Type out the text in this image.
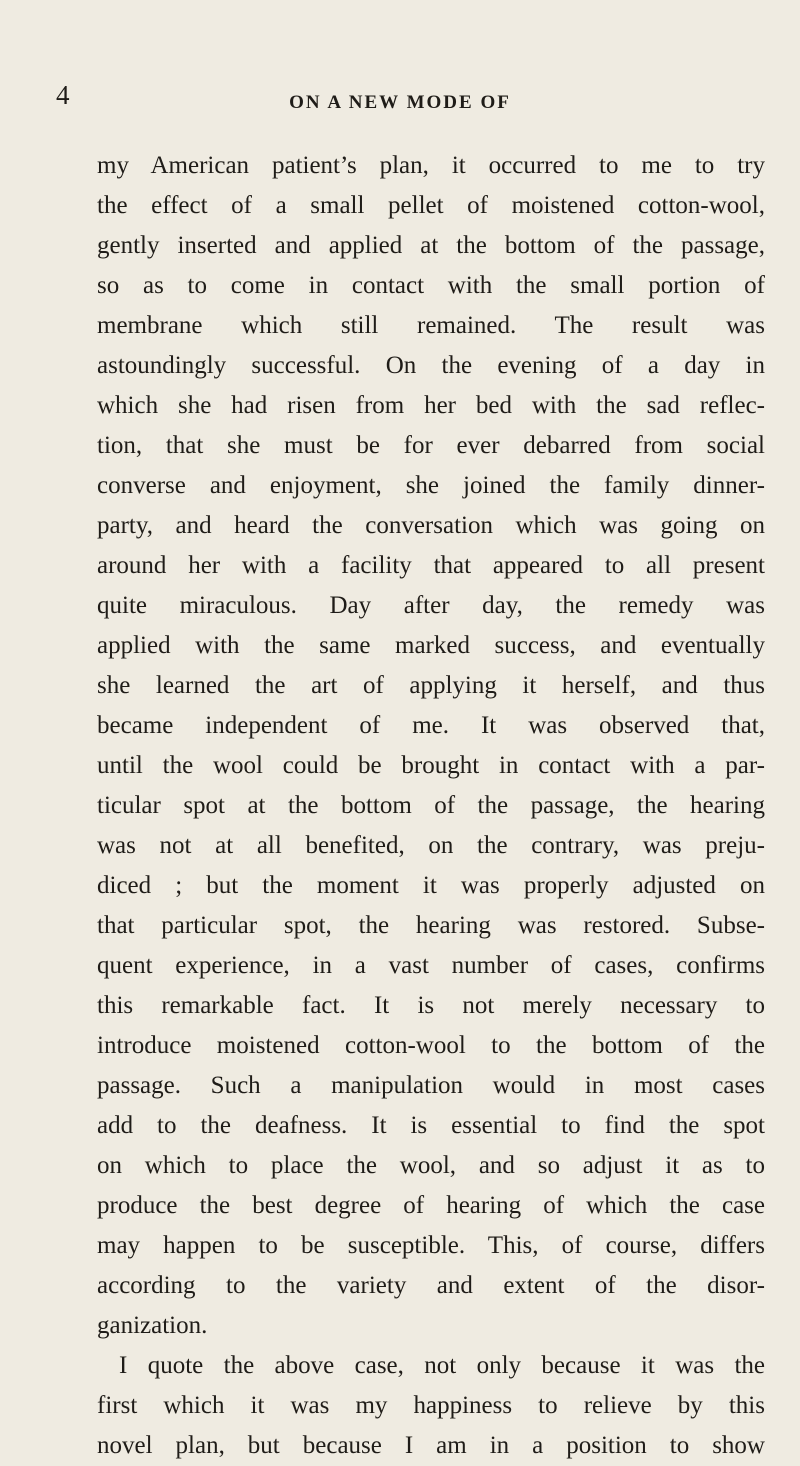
4	ON A NEW MODE OF
my American patient’s plan, it occurred to me to try
the effect of a small pellet of moistened cotton-wool,
gently inserted and applied at the bottom of the passage,
so as to come in contact with the small portion of
membrane which still remained. The result was
astoundingly successful. On the evening of a day in
which she had risen from her bed with the sad reflec-
tion, that she must be for ever debarred from social
converse and enjoyment, she joined the family dinner-
party, and heard the conversation which was going on
around her with a facility that appeared to all present
quite miraculous. Day after day, the remedy was
applied with the same marked success, and eventually
she learned the art of applying it herself, and thus
became independent of me. It was observed that,
until the wool could be brought in contact with a par-
ticular spot at the bottom of the passage, the hearing
was not at all benefited, on the contrary, was preju-
diced ; but the moment it was properly adjusted on
that particular spot, the hearing was restored. Subse-
quent experience, in a vast number of cases, confirms
this remarkable fact. It is not merely necessary to
introduce moistened cotton-wool to the bottom of the
passage. Such a manipulation would in most cases
add to the deafness. It is essential to find the spot
on which to place the wool, and so adjust it as to
produce the best degree of hearing of which the case
may happen to be susceptible. This, of course, differs
according to the variety and extent of the disor-
ganization.
I quote the above case, not only because it was the
first which it was my happiness to relieve by this
novel plan, but because I am in a position to show
